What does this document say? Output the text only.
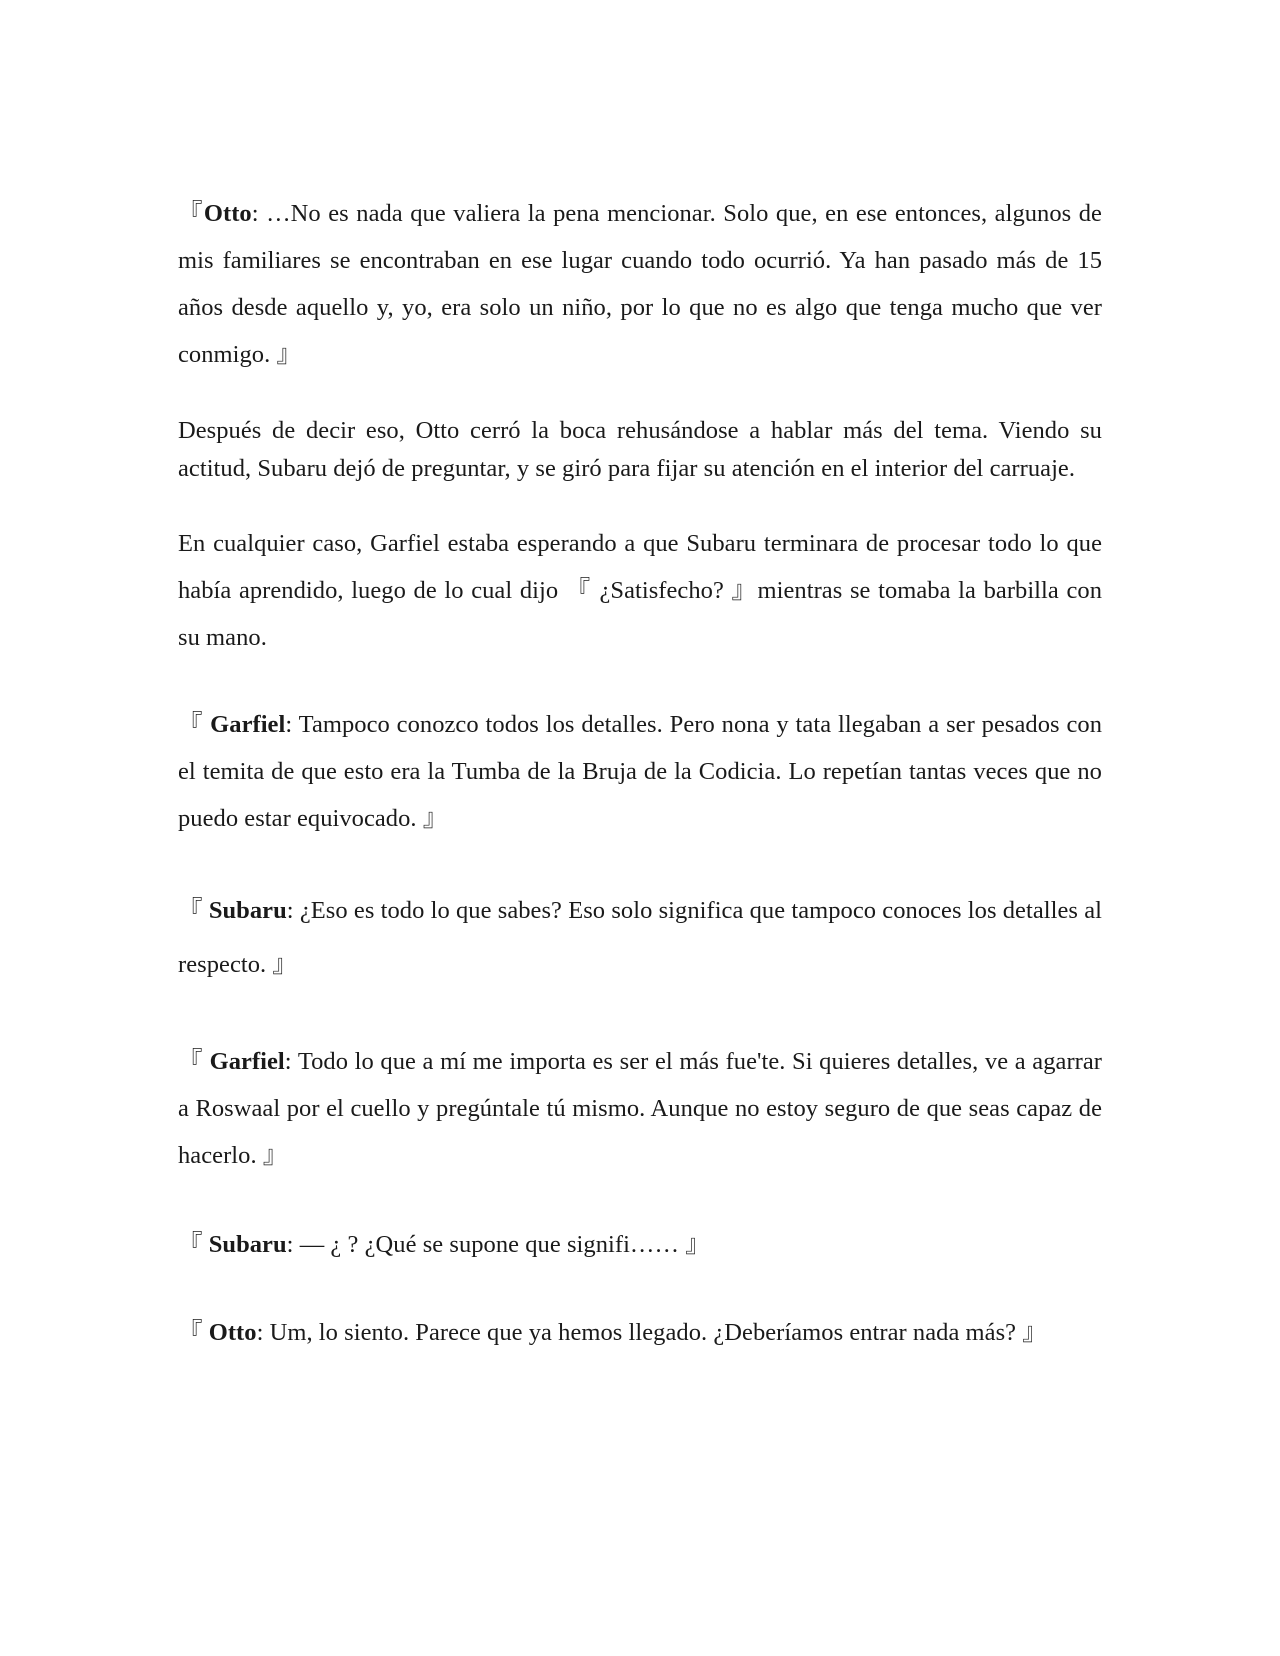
『Otto: …No es nada que valiera la pena mencionar. Solo que, en ese entonces, algunos de mis familiares se encontraban en ese lugar cuando todo ocurrió. Ya han pasado más de 15 años desde aquello y, yo, era solo un niño, por lo que no es algo que tenga mucho que ver conmigo. 』

Después de decir eso, Otto cerró la boca rehusándose a hablar más del tema. Viendo su actitud, Subaru dejó de preguntar, y se giró para fijar su atención en el interior del carruaje.

En cualquier caso, Garfiel estaba esperando a que Subaru terminara de procesar todo lo que había aprendido, luego de lo cual dijo 『 ¿Satisfecho? 』mientras se tomaba la barbilla con su mano.

『 Garfiel: Tampoco conozco todos los detalles. Pero nona y tata llegaban a ser pesados con el temita de que esto era la Tumba de la Bruja de la Codicia. Lo repetían tantas veces que no puedo estar equivocado. 』

『 Subaru: ¿Eso es todo lo que sabes? Eso solo significa que tampoco conoces los detalles al respecto. 』

『 Garfiel: Todo lo que a mí me importa es ser el más fue'te. Si quieres detalles, ve a agarrar a Roswaal por el cuello y pregúntale tú mismo. Aunque no estoy seguro de que seas capaz de hacerlo. 』

『 Subaru: — ¿ ? ¿Qué se supone que signifi…… 』

『 Otto: Um, lo siento. Parece que ya hemos llegado. ¿Deberíamos entrar nada más? 』
